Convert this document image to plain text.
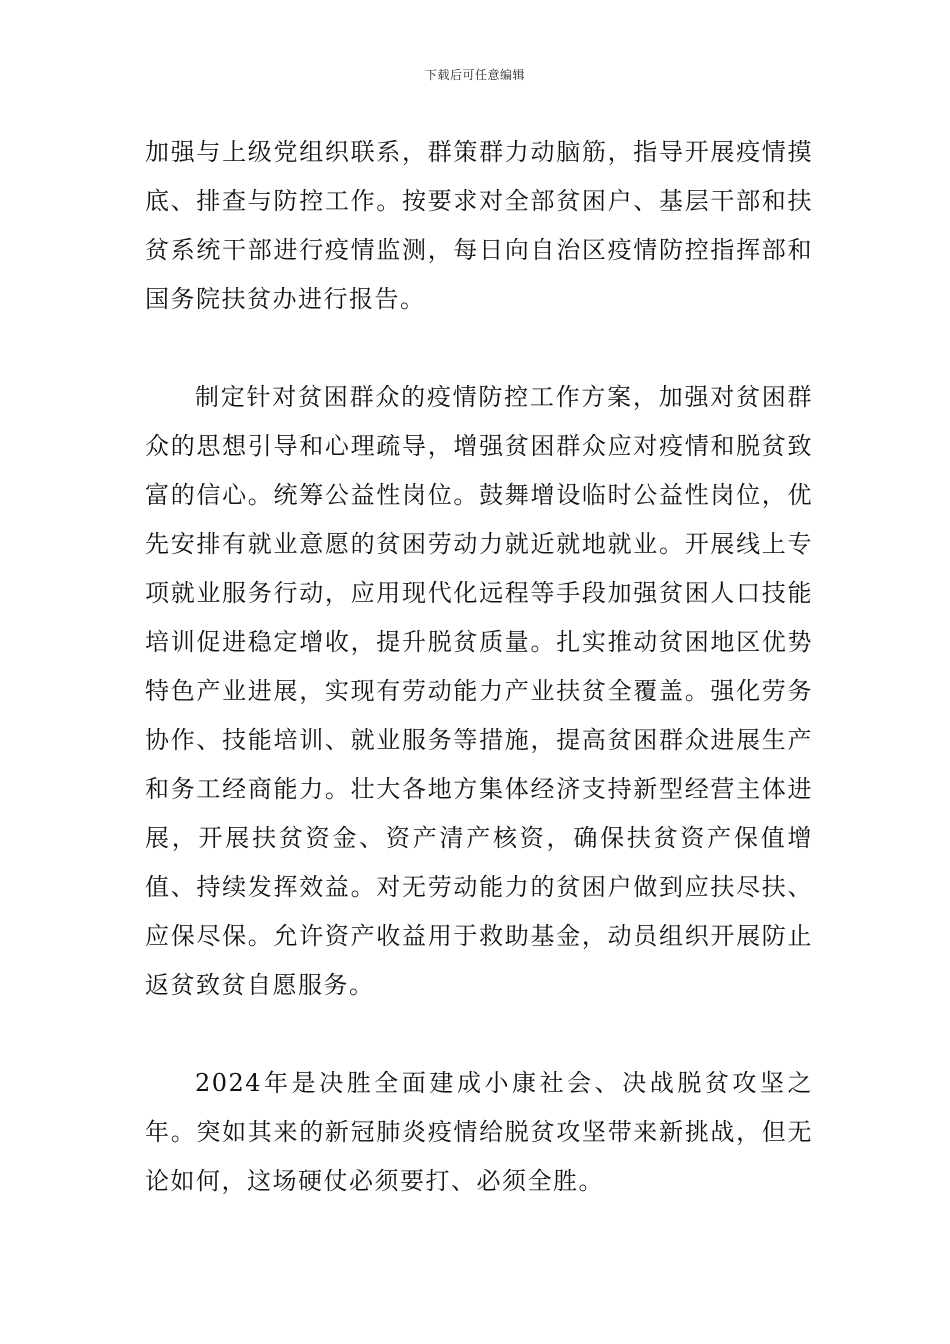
下载后可任意编辑

加强与上级党组织联系，群策群力动脑筋，指导开展疫情摸底、排查与防控工作。按要求对全部贫困户、基层干部和扶贫系统干部进行疫情监测，每日向自治区疫情防控指挥部和国务院扶贫办进行报告。

制定针对贫困群众的疫情防控工作方案，加强对贫困群众的思想引导和心理疏导，增强贫困群众应对疫情和脱贫致富的信心。统筹公益性岗位。鼓舞增设临时公益性岗位，优先安排有就业意愿的贫困劳动力就近就地就业。开展线上专项就业服务行动，应用现代化远程等手段加强贫困人口技能培训促进稳定增收，提升脱贫质量。扎实推动贫困地区优势特色产业进展，实现有劳动能力产业扶贫全覆盖。强化劳务协作、技能培训、就业服务等措施，提高贫困群众进展生产和务工经商能力。壮大各地方集体经济支持新型经营主体进展，开展扶贫资金、资产清产核资，确保扶贫资产保值增值、持续发挥效益。对无劳动能力的贫困户做到应扶尽扶、应保尽保。允许资产收益用于救助基金，动员组织开展防止返贫致贫自愿服务。

2024年是决胜全面建成小康社会、决战脱贫攻坚之年。突如其来的新冠肺炎疫情给脱贫攻坚带来新挑战，但无论如何，这场硬仗必须要打、必须全胜。
